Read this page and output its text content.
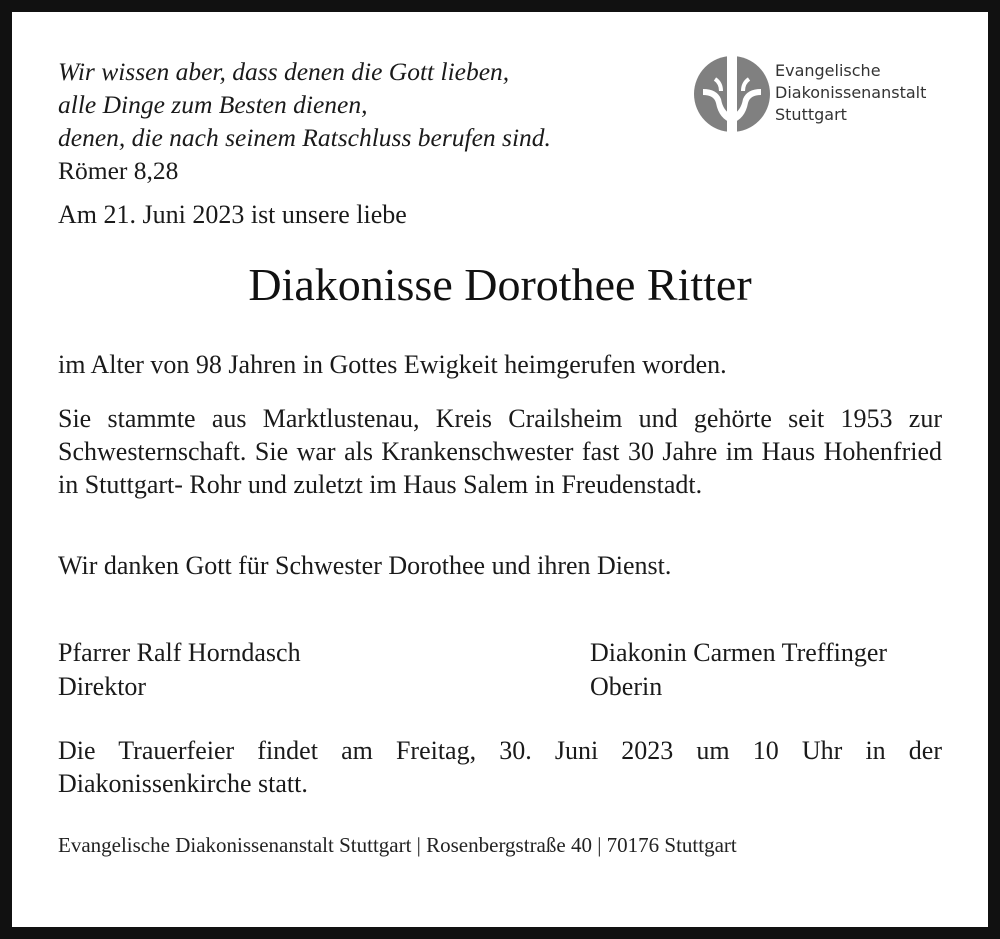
Wir wissen aber, dass denen die Gott lieben,
alle Dinge zum Besten dienen,
denen, die nach seinem Ratschluss berufen sind.
Römer 8,28
Evangelische
Diakonissenanstalt
Stuttgart
Am 21. Juni 2023 ist unsere liebe
Diakonisse Dorothee Ritter
im Alter von 98 Jahren in Gottes Ewigkeit heimgerufen worden.
Sie stammte aus Marktlustenau, Kreis Crailsheim und gehörte seit 1953 zur Schwesternschaft. Sie war als Krankenschwester fast 30 Jahre im Haus Hohenfried in Stuttgart- Rohr und zuletzt im Haus Salem in Freudenstadt.
Wir danken Gott für Schwester Dorothee und ihren Dienst.
Pfarrer Ralf Horndasch
Direktor
Diakonin Carmen Treffinger
Oberin
Die Trauerfeier findet am Freitag, 30. Juni 2023 um 10 Uhr in der Diakonissenkirche statt.
Evangelische Diakonissenanstalt Stuttgart | Rosenbergstraße 40 | 70176 Stuttgart
